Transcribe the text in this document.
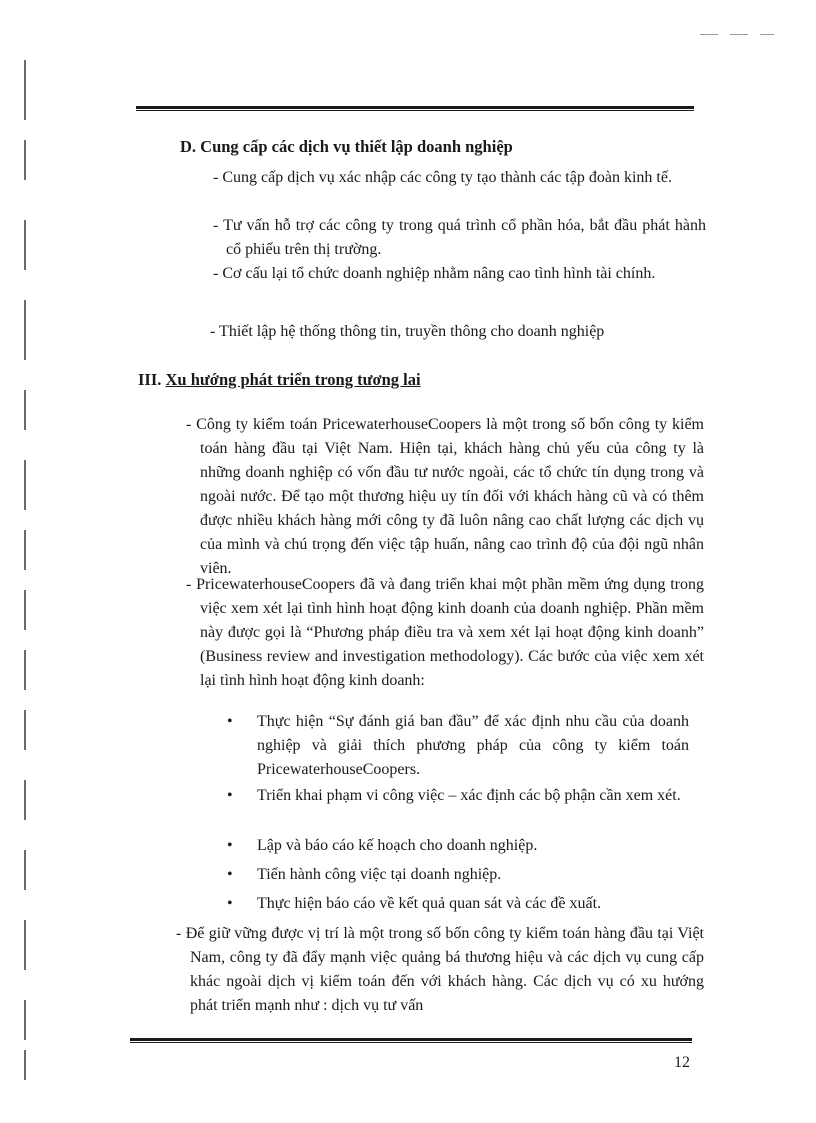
D. Cung cấp các dịch vụ thiết lập doanh nghiệp
- Cung cấp dịch vụ xác nhập các công ty tạo thành các tập đoàn kinh tế.
- Tư vấn hỗ trợ các công ty trong quá trình cổ phần hóa, bắt đầu phát hành cổ phiếu trên thị trường.
- Cơ cấu lại tổ chức doanh nghiệp nhằm nâng cao tình hình tài chính.
- Thiết lập hệ thống thông tin, truyền thông cho doanh nghiệp
III. Xu hướng phát triển trong tương lai
- Công ty kiểm toán PricewaterhouseCoopers là một trong số bốn công ty kiểm toán hàng đầu tại Việt Nam. Hiện tại, khách hàng chủ yếu của công ty là những doanh nghiệp có vốn đầu tư nước ngoài, các tổ chức tín dụng trong và ngoài nước. Để tạo một thương hiệu uy tín đối với khách hàng cũ và có thêm được nhiều khách hàng mới công ty đã luôn nâng cao chất lượng các dịch vụ của mình và chú trọng đến việc tập huấn, nâng cao trình độ của đội ngũ nhân viên.
- PricewaterhouseCoopers đã và đang triển khai một phần mềm ứng dụng trong việc xem xét lại tình hình hoạt động kinh doanh của doanh nghiệp. Phần mềm này được gọi là “Phương pháp điều tra và xem xét lại hoạt động kinh doanh” (Business review and investigation methodology). Các bước của việc xem xét lại tình hình hoạt động kinh doanh:
•	Thực hiện “Sự đánh giá ban đầu” để xác định nhu cầu của doanh nghiệp và giải thích phương pháp của công ty kiểm toán PricewaterhouseCoopers.
•	Triển khai phạm vi công việc – xác định các bộ phận cần xem xét.
•	Lập và báo cáo kế hoạch cho doanh nghiệp.
•	Tiến hành công việc tại doanh nghiệp.
•	Thực hiện báo cáo về kết quả quan sát và các đề xuất.
- Để giữ vững được vị trí là một trong số bốn công ty kiểm toán hàng đầu tại Việt Nam, công ty đã đẩy mạnh việc quảng bá thương hiệu và các dịch vụ cung cấp khác ngoài dịch vị kiểm toán đến với khách hàng. Các dịch vụ có xu hướng phát triển mạnh như : dịch vụ tư vấn
12
